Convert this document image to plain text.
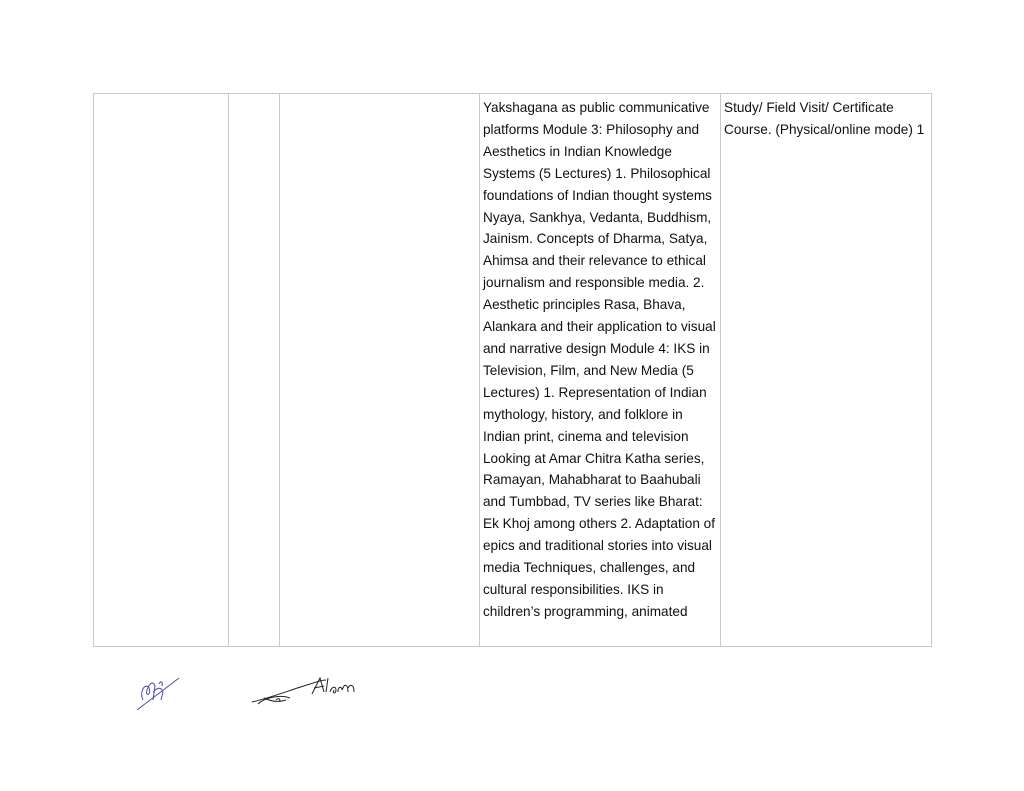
			Yakshagana as public communicative platforms Module 3: Philosophy and Aesthetics in Indian Knowledge Systems (5 Lectures) 1. Philosophical foundations of Indian thought systems Nyaya, Sankhya, Vedanta, Buddhism, Jainism. Concepts of Dharma, Satya, Ahimsa and their relevance to ethical journalism and responsible media. 2. Aesthetic principles Rasa, Bhava, Alankara and their application to visual and narrative design Module 4: IKS in Television, Film, and New Media (5 Lectures) 1. Representation of Indian mythology, history, and folklore in Indian print, cinema and television Looking at Amar Chitra Katha series, Ramayan, Mahabharat to Baahubali and Tumbbad, TV series like Bharat: Ek Khoj among others 2. Adaptation of epics and traditional stories into visual media Techniques, challenges, and cultural responsibilities. IKS in children’s programming, animated	Study/ Field Visit/ Certificate Course. (Physical/online mode) 1
